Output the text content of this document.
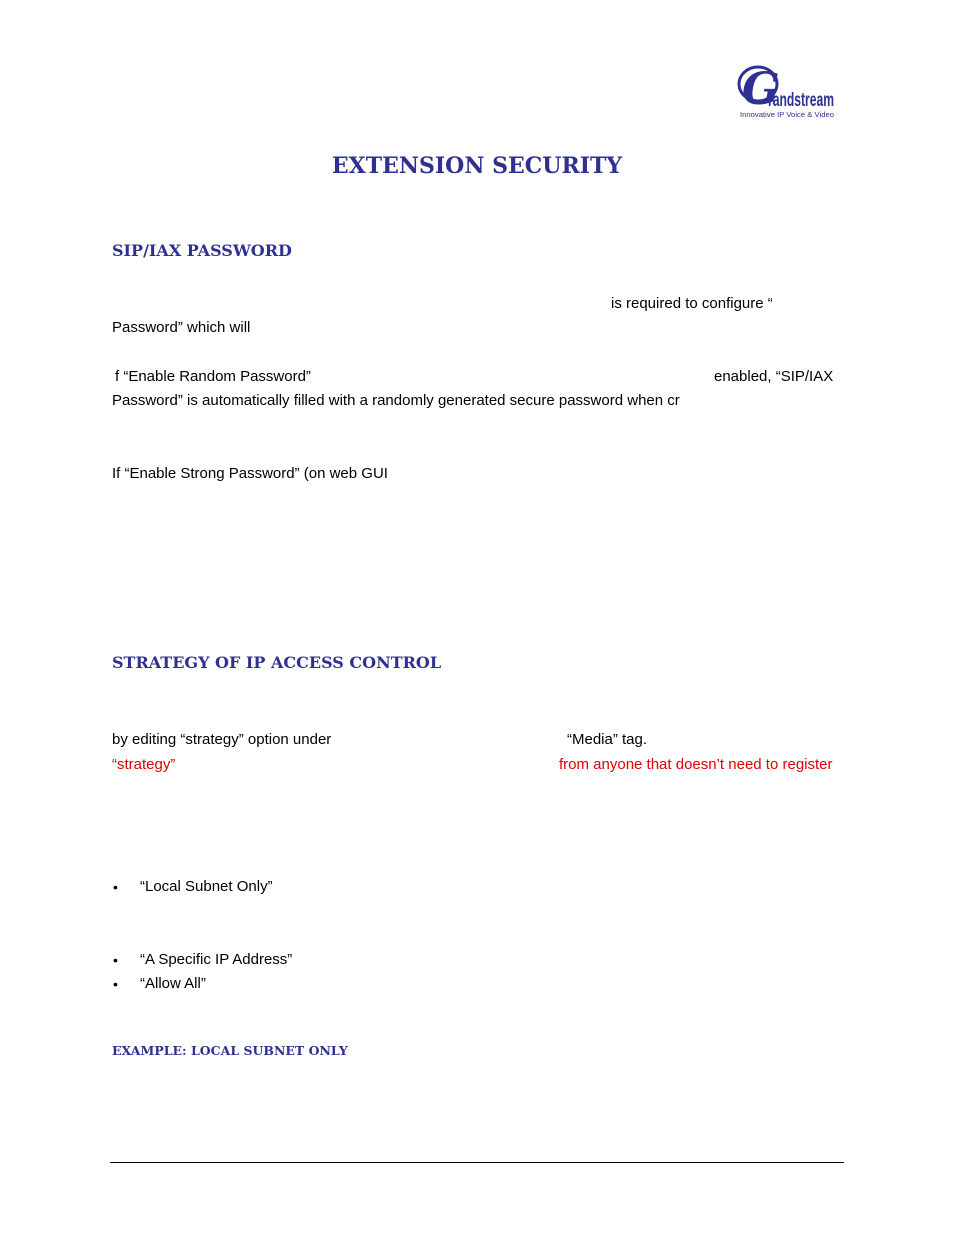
G
randstream
Innovative IP Voice & Video
EXTENSION SECURITY
SIP/IAX PASSWORD
is required to configure “
Password” which will
f “Enable Random Password”	enabled, “SIP/IAX
Password” is automatically filled with a randomly generated secure password when cr
If “Enable Strong Password” (on web GUI
STRATEGY OF IP ACCESS CONTROL
by editing “strategy” option under	“Media” tag.
“strategy”	from anyone that doesn’t need to register
• “Local Subnet Only”
• “A Specific IP Address”
• “Allow All”
EXAMPLE: LOCAL SUBNET ONLY
